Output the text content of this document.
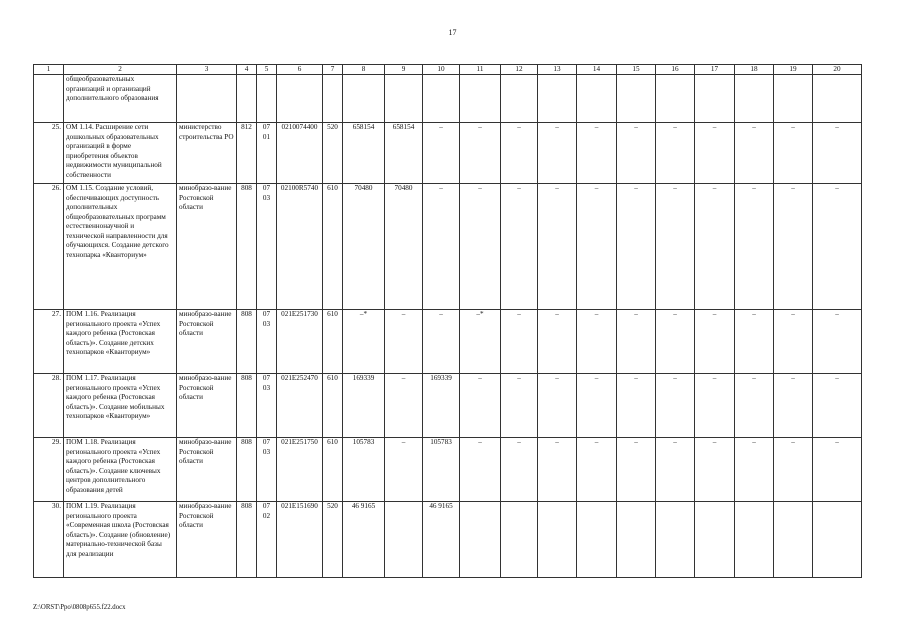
17
1	2	3	4	5	6	7	8	9	10	11	12	13	14	15	16	17	18	19	20
	общеобразовательных организаций и организаций дополнительного образования																		
25.	ОМ 1.14. Расширение сети дошкольных образовательных организаций в форме приобретения объектов недвижимости муниципальной собственности	министерство строительства РО	812	07 01	0210074400	520	658154	658154	–	–	–	–	–	–	–	–	–	–	–
26.	ОМ 1.15. Создание условий, обеспечивающих доступность дополнительных общеобразовательных программ естественнонаучной и технической направленности для обучающихся. Создание детского технопарка «Кванториум»	минобразо-вание Ростовской области	808	07 03	02100R5740	610	70480	70480	–	–	–	–	–	–	–	–	–	–	–
27.	ПОМ 1.16. Реализация регионального проекта «Успех каждого ребенка (Ростовская область)». Создание детских технопарков «Кванториум»	минобразо-вание Ростовской области	808	07 03	021E251730	610	–*	–	–	–*	–	–	–	–	–	–	–	–	–
28.	ПОМ 1.17. Реализация регионального проекта «Успех каждого ребенка (Ростовская область)». Создание мобильных технопарков «Кванториум»	минобразо-вание Ростовской области	808	07 03	021E252470	610	169339	–	169339	–	–	–	–	–	–	–	–	–	–
29.	ПОМ 1.18. Реализация регионального проекта «Успех каждого ребенка (Ростовская область)». Создание ключевых центров дополнительного образования детей	минобразо-вание Ростовской области	808	07 03	021E251750	610	105783	–	105783	–	–	–	–	–	–	–	–	–	–
30.	ПОМ 1.19. Реализация регионального проекта «Современная школа (Ростовская область)». Создание (обновление) материально-технической базы для реализации	минобразо-вание Ростовской области	808	07 02	021Е151690	520	46 9165		46 9165										
Z:\ORST\Ppo\0808p655.f22.docx
